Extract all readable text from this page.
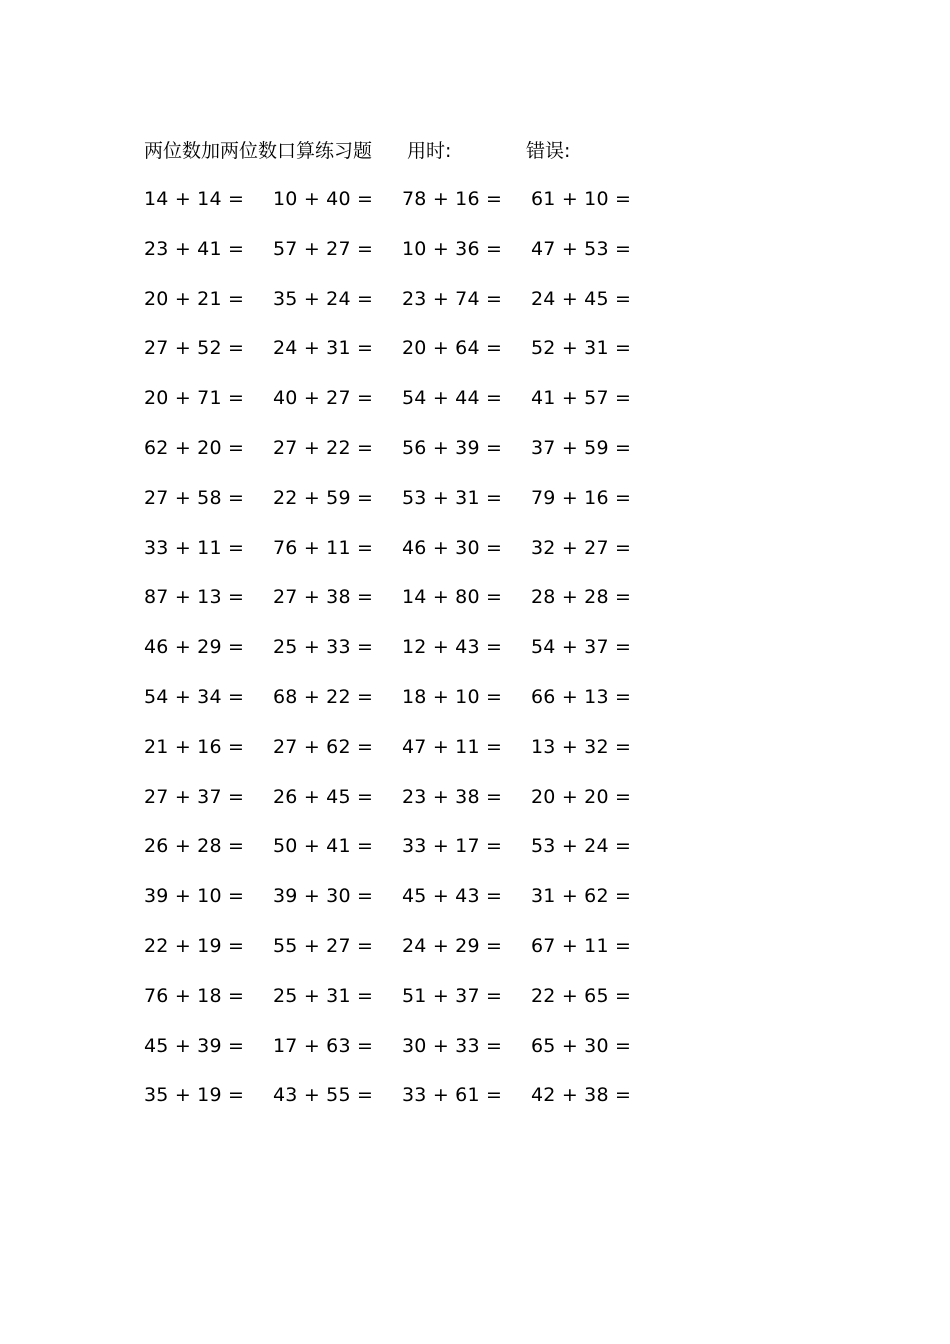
两位数加两位数口算练习题 用时:	错误:
14 + 14 =	10 + 40 =	78 + 16 =	61 + 10 =
23 + 41 =	57 + 27 =	10 + 36 =	47 + 53 =
20 + 21 =	35 + 24 =	23 + 74 =	24 + 45 =
27 + 52 =	24 + 31 =	20 + 64 =	52 + 31 =
20 + 71 =	40 + 27 =	54 + 44 =	41 + 57 =
62 + 20 =	27 + 22 =	56 + 39 =	37 + 59 =
27 + 58 =	22 + 59 =	53 + 31 =	79 + 16 =
33 + 11 =	76 + 11 =	46 + 30 =	32 + 27 =
87 + 13 =	27 + 38 =	14 + 80 =	28 + 28 =
46 + 29 =	25 + 33 =	12 + 43 =	54 + 37 =
54 + 34 =	68 + 22 =	18 + 10 =	66 + 13 =
21 + 16 =	27 + 62 =	47 + 11 =	13 + 32 =
27 + 37 =	26 + 45 =	23 + 38 =	20 + 20 =
26 + 28 =	50 + 41 =	33 + 17 =	53 + 24 =
39 + 10 =	39 + 30 =	45 + 43 =	31 + 62 =
22 + 19 =	55 + 27 =	24 + 29 =	67 + 11 =
76 + 18 =	25 + 31 =	51 + 37 =	22 + 65 =
45 + 39 =	17 + 63 =	30 + 33 =	65 + 30 =
35 + 19 =	43 + 55 =	33 + 61 =	42 + 38 =
